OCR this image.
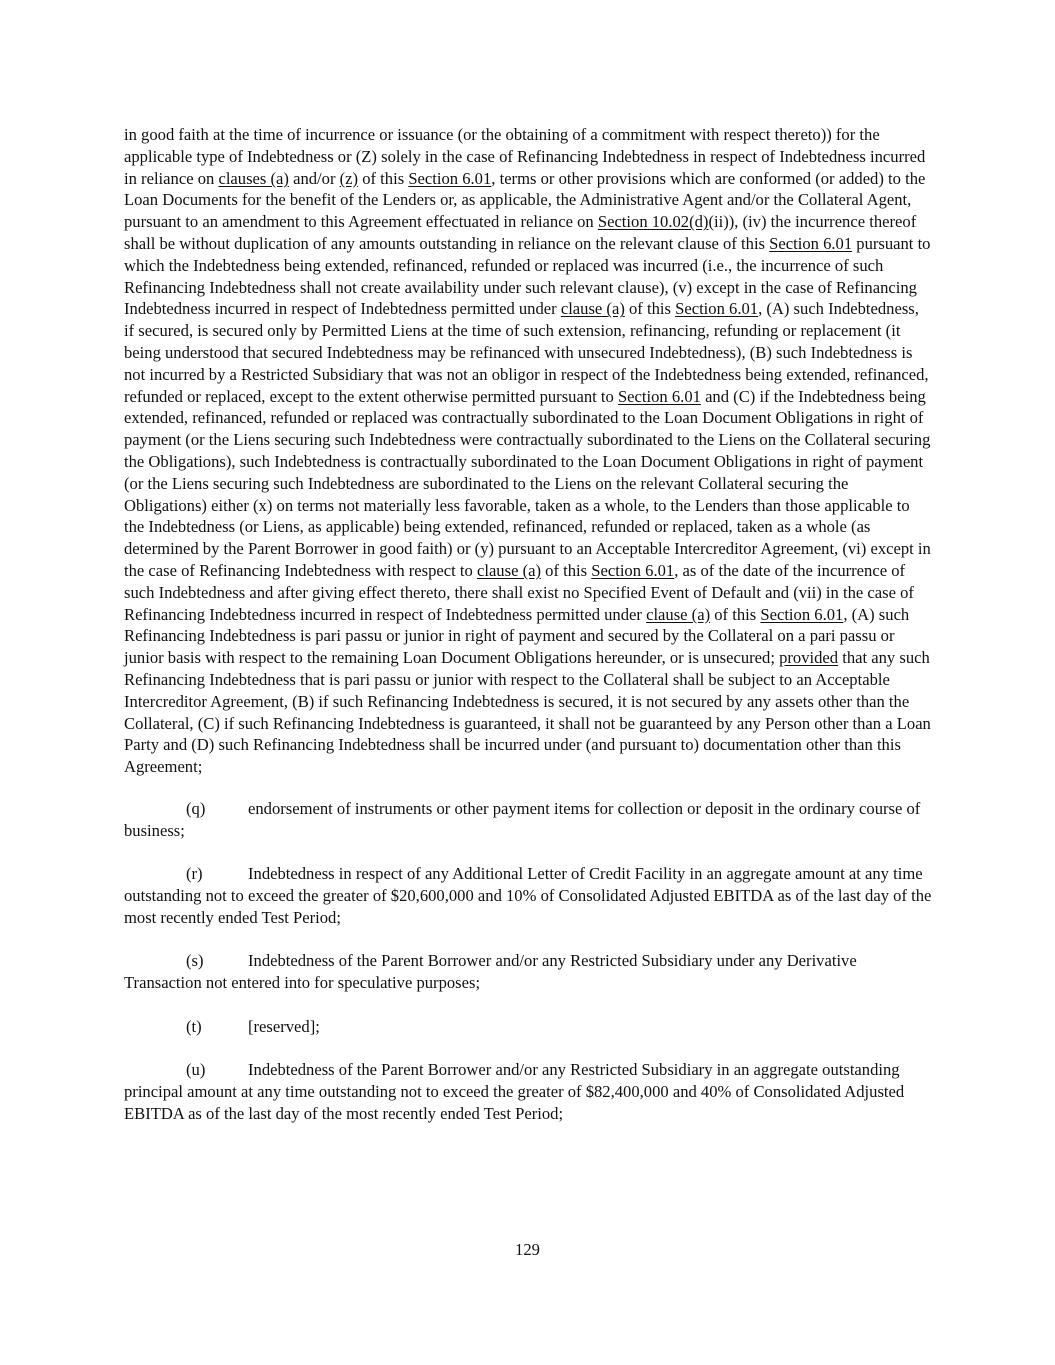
in good faith at the time of incurrence or issuance (or the obtaining of a commitment with respect thereto)) for the applicable type of Indebtedness or (Z) solely in the case of Refinancing Indebtedness in respect of Indebtedness incurred in reliance on clauses (a) and/or (z) of this Section 6.01, terms or other provisions which are conformed (or added) to the Loan Documents for the benefit of the Lenders or, as applicable, the Administrative Agent and/or the Collateral Agent, pursuant to an amendment to this Agreement effectuated in reliance on Section 10.02(d)(ii)), (iv) the incurrence thereof shall be without duplication of any amounts outstanding in reliance on the relevant clause of this Section 6.01 pursuant to which the Indebtedness being extended, refinanced, refunded or replaced was incurred (i.e., the incurrence of such Refinancing Indebtedness shall not create availability under such relevant clause), (v) except in the case of Refinancing Indebtedness incurred in respect of Indebtedness permitted under clause (a) of this Section 6.01, (A) such Indebtedness, if secured, is secured only by Permitted Liens at the time of such extension, refinancing, refunding or replacement (it being understood that secured Indebtedness may be refinanced with unsecured Indebtedness), (B) such Indebtedness is not incurred by a Restricted Subsidiary that was not an obligor in respect of the Indebtedness being extended, refinanced, refunded or replaced, except to the extent otherwise permitted pursuant to Section 6.01 and (C) if the Indebtedness being extended, refinanced, refunded or replaced was contractually subordinated to the Loan Document Obligations in right of payment (or the Liens securing such Indebtedness were contractually subordinated to the Liens on the Collateral securing the Obligations), such Indebtedness is contractually subordinated to the Loan Document Obligations in right of payment (or the Liens securing such Indebtedness are subordinated to the Liens on the relevant Collateral securing the Obligations) either (x) on terms not materially less favorable, taken as a whole, to the Lenders than those applicable to the Indebtedness (or Liens, as applicable) being extended, refinanced, refunded or replaced, taken as a whole (as determined by the Parent Borrower in good faith) or (y) pursuant to an Acceptable Intercreditor Agreement, (vi) except in the case of Refinancing Indebtedness with respect to clause (a) of this Section 6.01, as of the date of the incurrence of such Indebtedness and after giving effect thereto, there shall exist no Specified Event of Default and (vii) in the case of Refinancing Indebtedness incurred in respect of Indebtedness permitted under clause (a) of this Section 6.01, (A) such Refinancing Indebtedness is pari passu or junior in right of payment and secured by the Collateral on a pari passu or junior basis with respect to the remaining Loan Document Obligations hereunder, or is unsecured; provided that any such Refinancing Indebtedness that is pari passu or junior with respect to the Collateral shall be subject to an Acceptable Intercreditor Agreement, (B) if such Refinancing Indebtedness is secured, it is not secured by any assets other than the Collateral, (C) if such Refinancing Indebtedness is guaranteed, it shall not be guaranteed by any Person other than a Loan Party and (D) such Refinancing Indebtedness shall be incurred under (and pursuant to) documentation other than this Agreement;

(q)	endorsement of instruments or other payment items for collection or deposit in the ordinary course of business;

(r)	Indebtedness in respect of any Additional Letter of Credit Facility in an aggregate amount at any time outstanding not to exceed the greater of $20,600,000 and 10% of Consolidated Adjusted EBITDA as of the last day of the most recently ended Test Period;

(s)	Indebtedness of the Parent Borrower and/or any Restricted Subsidiary under any Derivative Transaction not entered into for speculative purposes;

(t)	[reserved];

(u)	Indebtedness of the Parent Borrower and/or any Restricted Subsidiary in an aggregate outstanding principal amount at any time outstanding not to exceed the greater of $82,400,000 and 40% of Consolidated Adjusted EBITDA as of the last day of the most recently ended Test Period;

129
